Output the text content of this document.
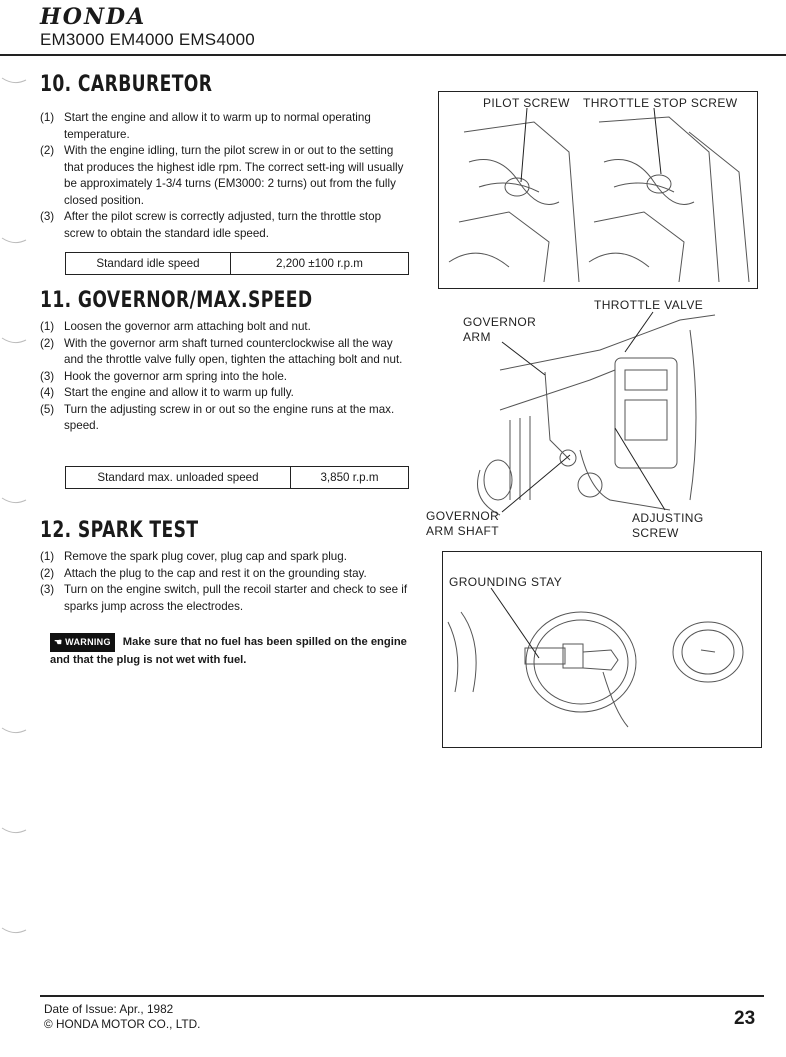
HONDA
EM3000 EM4000 EMS4000
10. CARBURETOR
(1) Start the engine and allow it to warm up to normal operating temperature.
(2) With the engine idling, turn the pilot screw in or out to the setting that produces the highest idle rpm. The correct sett-ing will usually be approximately 1-3/4 turns (EM3000: 2 turns) out from the fully closed position.
(3) After the pilot screw is correctly adjusted, turn the throttle stop screw to obtain the standard idle speed.
Standard idle speed	2,200 ±100 r.p.m
11. GOVERNOR/MAX.SPEED
(1) Loosen the governor arm attaching bolt and nut.
(2) With the governor arm shaft turned counterclockwise all the way and the throttle valve fully open, tighten the attaching bolt and nut.
(3) Hook the governor arm spring into the hole.
(4) Start the engine and allow it to warm up fully.
(5) Turn the adjusting screw in or out so the engine runs at the max. speed.
Standard max. unloaded speed	3,850 r.p.m
12. SPARK TEST
(1) Remove the spark plug cover, plug cap and spark plug.
(2) Attach the plug to the cap and rest it on the grounding stay.
(3) Turn on the engine switch, pull the recoil starter and check to see if sparks jump across the electrodes.
☚ WARNING Make sure that no fuel has been spilled on the engine and that the plug is not wet with fuel.
PILOT SCREW THROTTLE STOP SCREW
THROTTLE VALVE
GOVERNOR
ARM
GOVERNOR
ARM SHAFT
ADJUSTING
SCREW
GROUNDING STAY
Date of Issue: Apr., 1982
© HONDA MOTOR CO., LTD.	23
